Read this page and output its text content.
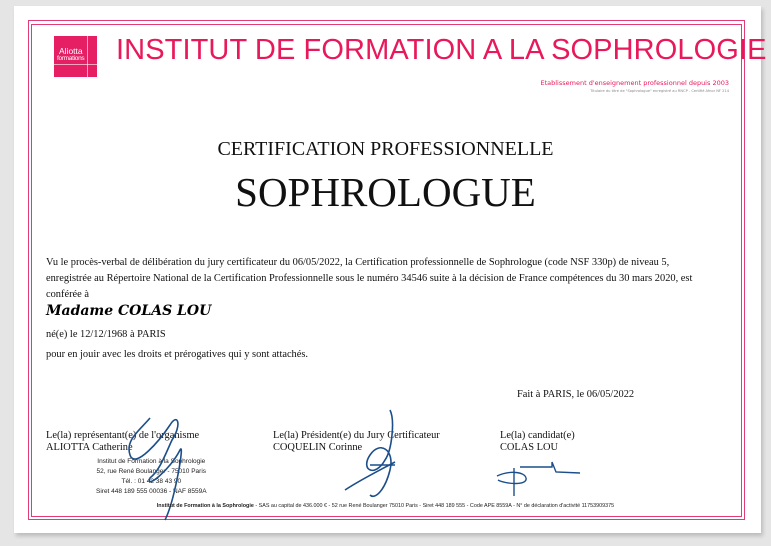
Aliotta
formations INSTITUT DE FORMATION A LA SOPHROLOGIE
Etablissement d'enseignement professionnel depuis 2003
Titulaire du titre de "Sophrologue" enregistré au RNCP - Certifié Afnor NF 214
CERTIFICATION PROFESSIONNELLE
SOPHROLOGUE
Vu le procès-verbal de délibération du jury certificateur du 06/05/2022, la Certification professionnelle de Sophrologue (code NSF 330p) de niveau 5, enregistrée au Répertoire National de la Certification Professionnelle sous le numéro 34546 suite à la décision de France compétences du 30 mars 2020, est conférée à
Madame COLAS LOU
né(e) le 12/12/1968 à PARIS
pour en jouir avec les droits et prérogatives qui y sont attachés.
Fait à PARIS, le 06/05/2022
Le(la) représentant(e) de l'organisme
ALIOTTA Catherine
Le(la) Président(e) du Jury Certificateur
COQUELIN Corinne
Le(la) candidat(e)
COLAS LOU
Institut de Formation à la Sophrologie
52, rue René Boulanger - 75010 Paris
Tél. : 01 42 38 43 90
Siret 448 189 555 00036 - NAF 8559A
Institut de Formation à la Sophrologie - SAS au capital de 436.000 € - 52 rue René Boulanger 75010 Paris - Siret 448 189 555 - Code APE 8559A - N° de déclaration d'activité 11753909375
